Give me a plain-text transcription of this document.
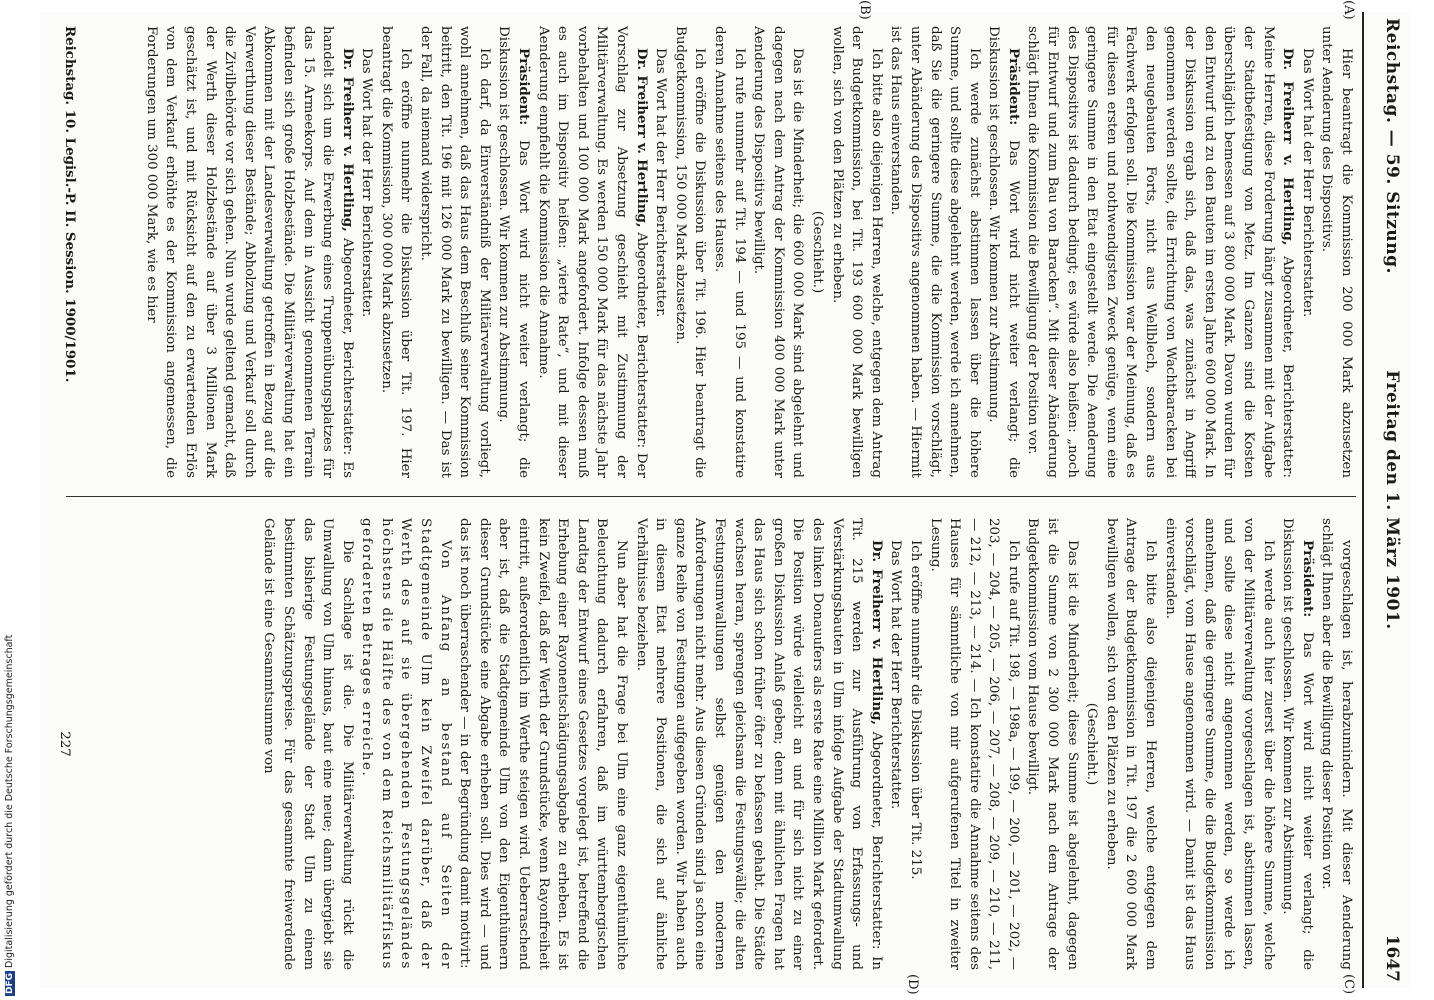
Reichstag. — 59. Sitzung.
Freitag den 1. März 1901.
1647
(A)
(B)
(C)
(D)

Hier beantragt die Kommission 200 000 Mark abzusetzen unter Aenderung des Dispositivs.

Das Wort hat der Herr Berichterstatter.

Dr. Freiherr v. Hertling, Abgeordneter, Berichterstatter: Meine Herren, diese Forderung hängt zusammen mit der Aufgabe der Stadtbefestigung von Metz. Im Ganzen sind die Kosten überschläglich bemessen auf 3 800 000 Mark. Davon wurden für den Entwurf und zu den Bauten im ersten Jahre 600 000 Mark. In der Diskussion ergab sich, daß das, was zunächst in Angriff genommen werden sollte, die Errichtung von Wachtbaracken bei den neugebauten Forts, nicht aus Wellblech, sondern aus Fachwerk erfolgen soll. Die Kommission war der Meinung, daß es für diesen ersten und nothwendigsten Zweck genüge, wenn eine geringere Summe in den Etat eingestellt werde. Die Aenderung des Dispositivs ist dadurch bedingt; es würde also heißen: „noch für Entwurf und zum Bau von Baracken“. Mit dieser Abänderung schlägt Ihnen die Kommission die Bewilligung der Position vor.

Präsident: Das Wort wird nicht weiter verlangt; die Diskussion ist geschlossen. Wir kommen zur Abstimmung.

Ich werde zunächst abstimmen lassen über die höhere Summe, und sollte diese abgelehnt werden, werde ich annehmen, daß Sie die geringere Summe, die die Kommission vorschlägt, unter Abänderung des Dispositivs angenommen haben. — Hiermit ist das Haus einverstanden.

Ich bitte also diejenigen Herren, welche, entgegen dem Antrag der Budgetkommission, bei Tit. 193 600 000 Mark bewilligen wollen, sich von den Plätzen zu erheben.

(Geschieht.)

Das ist die Minderheit; die 600 000 Mark sind abgelehnt und dagegen nach dem Antrag der Kommission 400 000 Mark unter Aenderung des Dispositivs bewilligt.

Ich rufe nunmehr auf Tit. 194 — und 195 — und konstatire deren Annahme seitens des Hauses.

Ich eröffne die Diskussion über Tit. 196. Hier beantragt die Budgetkommission, 150 000 Mark abzusetzen.

Das Wort hat der Herr Berichterstatter.

Dr. Freiherr v. Hertling, Abgeordneter, Berichterstatter: Der Vorschlag zur Absetzung geschieht mit Zustimmung der Militärverwaltung. Es werden 150 000 Mark für das nächste Jahr vorbehalten und 100 000 Mark angefordert. Infolge dessen muß es auch im Dispositiv heißen: „vierte Rate“, und mit dieser Aenderung empfiehlt die Kommission die Annahme.

Präsident: Das Wort wird nicht weiter verlangt; die Diskussion ist geschlossen. Wir kommen zur Abstimmung.

Ich darf, da Einverständniß der Militärverwaltung vorliegt, wohl annehmen, daß das Haus dem Beschluß seiner Kommission beitritt, den Tit. 196 mit 126 000 Mark zu bewilligen. — Das ist der Fall, da niemand widerspricht.

Ich eröffne nunmehr die Diskussion über Tit. 197. Hier beantragt die Kommission, 300 000 Mark abzusetzen.

Das Wort hat der Herr Berichterstatter.

Dr. Freiherr v. Hertling, Abgeordneter, Berichterstatter: Es handelt sich um die Erwerbung eines Truppenübungsplatzes für das 15. Armeekorps. Auf dem in Aussicht genommenen Terrain befinden sich große Holzbestände. Die Militärverwaltung hat ein Abkommen mit der Landesverwaltung getroffen in Bezug auf die Verwerthung dieser Bestände; Abholzung und Verkauf soll durch die Zivilbehörde vor sich gehen. Nun wurde geltend gemacht, daß der Werth dieser Holzbestände auf über 3 Millionen Mark geschätzt ist, und mit Rücksicht auf den zu erwartenden Erlös von dem Verkauf erhöhte es der Kommission angemessen, die Forderungen um 300 000 Mark, wie es hier

vorgeschlagen ist, herabzumindern. Mit dieser Aenderung schlägt Ihnen aber die Bewilligung dieser Position vor.

Präsident: Das Wort wird nicht weiter verlangt; die Diskussion ist geschlossen. Wir kommen zur Abstimmung.

Ich werde auch hier zuerst über die höhere Summe, welche von der Militärverwaltung vorgeschlagen ist, abstimmen lassen, und sollte diese nicht angenommen werden, so werde ich annehmen, daß die geringere Summe, die die Budgetkommission vorschlägt, vom Hause angenommen wird. — Damit ist das Haus einverstanden.

Ich bitte also diejenigen Herren, welche entgegen dem Antrage der Budgetkommission in Tit. 197 die 2 600 000 Mark bewilligen wollen, sich von den Plätzen zu erheben.

(Geschieht.)

Das ist die Minderheit; diese Summe ist abgelehnt, dagegen ist die Summe von 2 300 000 Mark nach dem Antrage der Budgetkommission vom Hause bewilligt.

Ich rufe auf Tit. 198, — 198a, — 199, — 200, — 201, — 202, — 203, — 204, — 205, — 206, — 207, — 208, — 209, — 210, — 211, — 212, — 213, — 214. — Ich konstatire die Annahme seitens des Hauses für sämmtliche von mir aufgerufenen Titel in zweiter Lesung.

Ich eröffne nunmehr die Diskussion über Tit. 215.

Das Wort hat der Herr Berichterstatter.

Dr. Freiherr v. Hertling, Abgeordneter, Berichterstatter: In Tit. 215 werden zur Ausführung von Erfassungs- und Verstärkungsbauten in Ulm infolge Aufgabe der Stadtumwallung des linken Donauufers als erste Rate eine Million Mark gefordert. Die Position würde vielleicht an und für sich nicht zu einer großen Diskussion Anlaß geben; denn mit ähnlichen Fragen hat das Haus sich schon früher öfter zu befassen gehabt. Die Städte wachsen heran, sprengen gleichsam die Festungswälle; die alten Festungsumwallungen selbst genügen den modernen Anforderungen nicht mehr. Aus diesen Gründen sind ja schon eine ganze Reihe von Festungen aufgegeben worden. Wir haben auch in diesem Etat mehrere Positionen, die sich auf ähnliche Verhältnisse beziehen.

Nun aber hat die Frage bei Ulm eine ganz eigenthümliche Beleuchtung dadurch erfahren, daß im württembergischen Landtag der Entwurf eines Gesetzes vorgelegt ist, betreffend die Erhebung einer Rayonentschädigungsabgabe zu erheben. Es ist kein Zweifel, daß der Werth der Grundstücke, wenn Rayonfreiheit eintritt, außerordentlich im Werthe steigen wird. Ueberraschend aber ist, daß die Stadtgemeinde Ulm von den Eigenthümern dieser Grundstücke eine Abgabe erheben soll. Dies wird — und das ist noch überraschender — in der Begründung damit motivirt:

Von Anfang an bestand auf Seiten der Stadtgemeinde Ulm kein Zweifel darüber, daß der Werth des auf sie übergehenden Festungsgeländes höchstens die Hälfte des von dem Reichsmilitärfiskus geforderten Betrages erreiche.

Die Sachlage ist die. Die Militärverwaltung rückt die Umwallung von Ulm hinaus, baut eine neue; dann übergiebt sie das bisherige Festungsgelände der Stadt Ulm zu einem bestimmten Schätzungspreise. Für das gesammte freiwerdende Gelände ist eine Gesammtsumme von

Reichstag. 10. Legisl.-P. II. Session. 1900/1901.
227
DFGDigitalisierung gefördert durch die Deutsche Forschungsgemeinschaft
